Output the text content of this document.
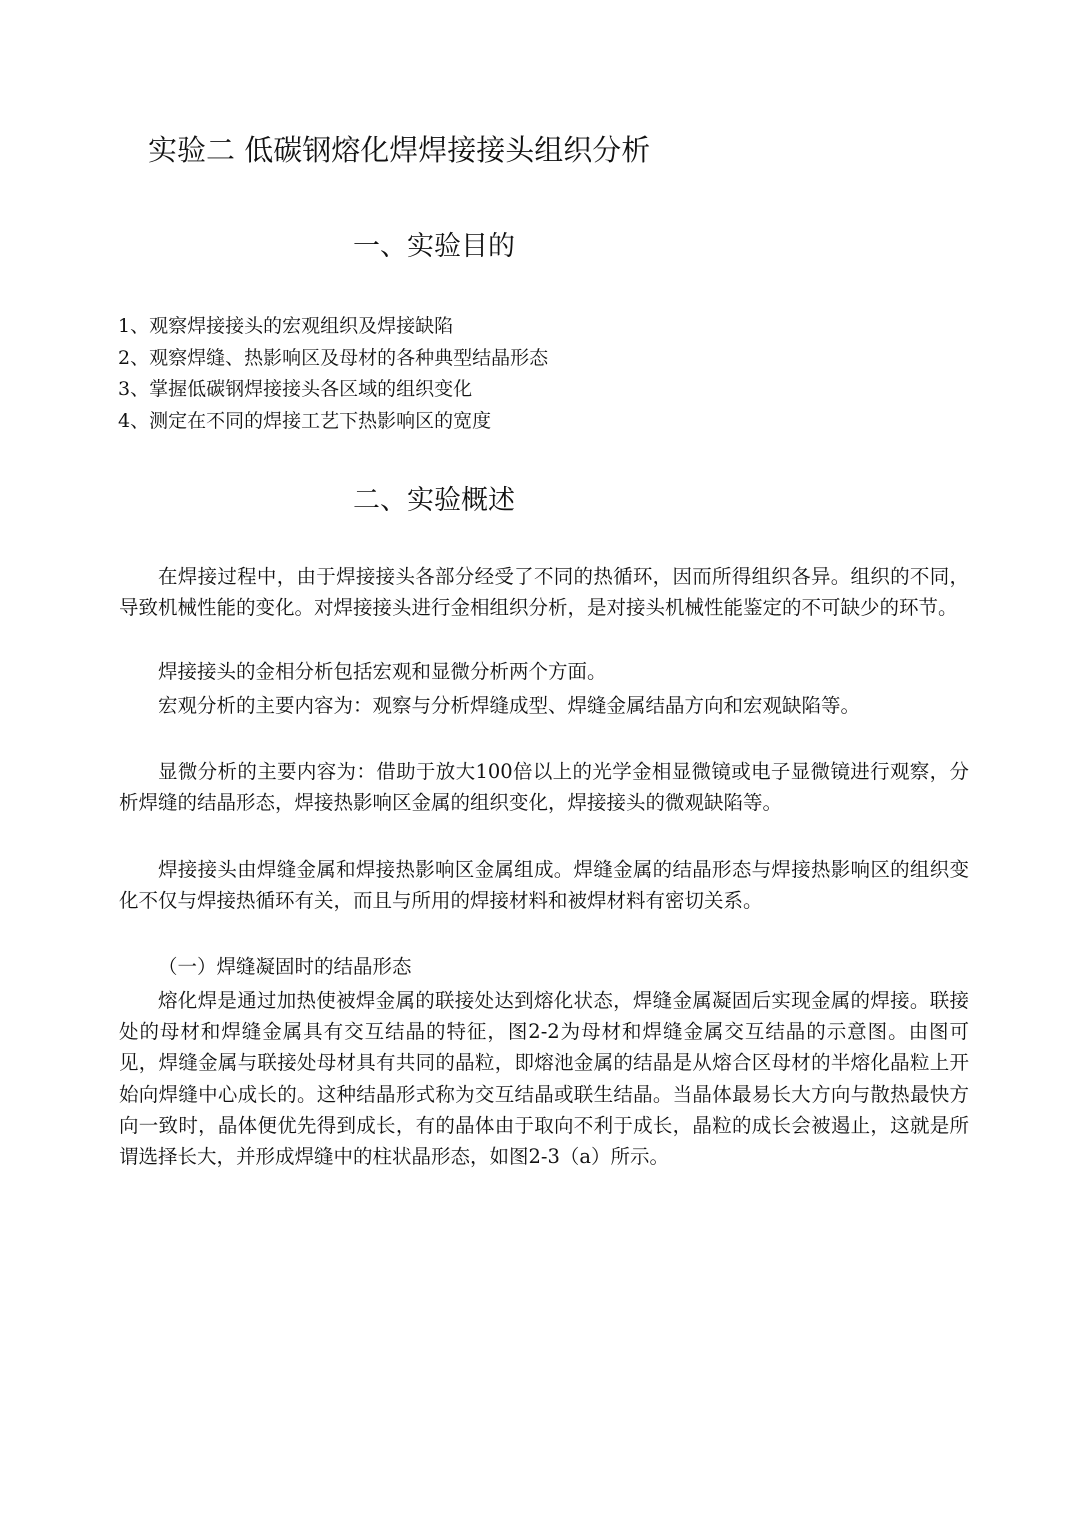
实验二 低碳钢熔化焊焊接接头组织分析
一、实验目的
1、观察焊接接头的宏观组织及焊接缺陷
2、观察焊缝、热影响区及母材的各种典型结晶形态
3、掌握低碳钢焊接接头各区域的组织变化
4、测定在不同的焊接工艺下热影响区的宽度
二、实验概述

在焊接过程中，由于焊接接头各部分经受了不同的热循环，因而所得组织各异。组织的不同，导致机械性能的变化。对焊接接头进行金相组织分析，是对接头机械性能鉴定的不可缺少的环节。

焊接接头的金相分析包括宏观和显微分析两个方面。

宏观分析的主要内容为：观察与分析焊缝成型、焊缝金属结晶方向和宏观缺陷等。

显微分析的主要内容为：借助于放大100倍以上的光学金相显微镜或电子显微镜进行观察，分析焊缝的结晶形态，焊接热影响区金属的组织变化，焊接接头的微观缺陷等。

焊接接头由焊缝金属和焊接热影响区金属组成。焊缝金属的结晶形态与焊接热影响区的组织变化不仅与焊接热循环有关，而且与所用的焊接材料和被焊材料有密切关系。

（一）焊缝凝固时的结晶形态

熔化焊是通过加热使被焊金属的联接处达到熔化状态，焊缝金属凝固后实现金属的焊接。联接处的母材和焊缝金属具有交互结晶的特征，图2-2为母材和焊缝金属交互结晶的示意图。由图可见，焊缝金属与联接处母材具有共同的晶粒，即熔池金属的结晶是从熔合区母材的半熔化晶粒上开始向焊缝中心成长的。这种结晶形式称为交互结晶或联生结晶。当晶体最易长大方向与散热最快方向一致时，晶体便优先得到成长，有的晶体由于取向不利于成长，晶粒的成长会被遏止，这就是所谓选择长大，并形成焊缝中的柱状晶形态，如图2-3（a）所示。
